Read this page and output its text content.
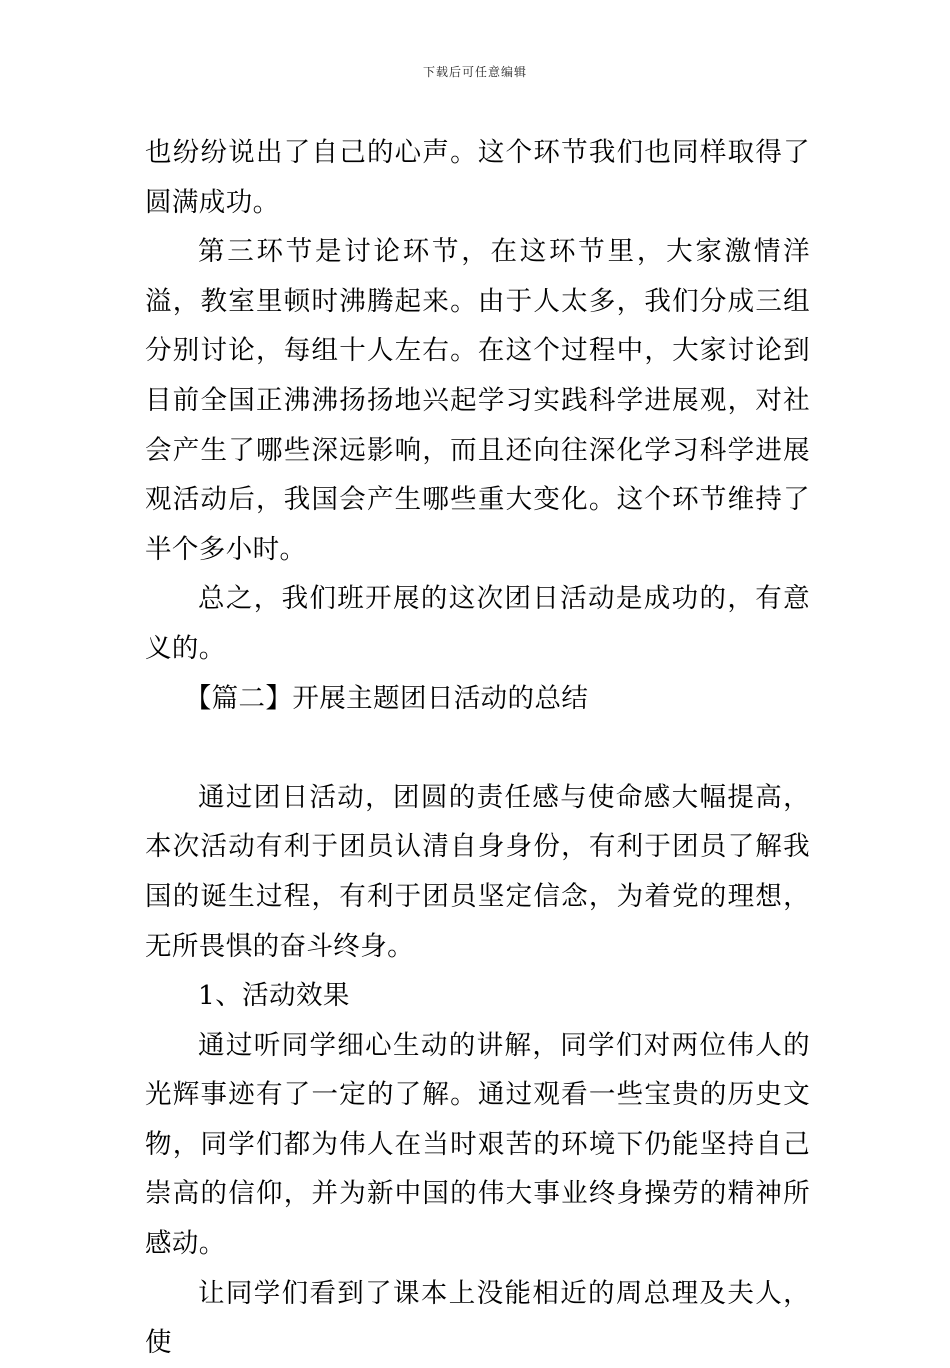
下载后可任意编辑

也纷纷说出了自己的心声。这个环节我们也同样取得了圆满成功。

第三环节是讨论环节，在这环节里，大家激情洋溢，教室里顿时沸腾起来。由于人太多，我们分成三组分别讨论，每组十人左右。在这个过程中，大家讨论到目前全国正沸沸扬扬地兴起学习实践科学进展观，对社会产生了哪些深远影响，而且还向往深化学习科学进展观活动后，我国会产生哪些重大变化。这个环节维持了半个多小时。

总之，我们班开展的这次团日活动是成功的，有意义的。

【篇二】开展主题团日活动的总结

通过团日活动，团圆的责任感与使命感大幅提高，本次活动有利于团员认清自身身份，有利于团员了解我国的诞生过程，有利于团员坚定信念，为着党的理想，无所畏惧的奋斗终身。

1、活动效果

通过听同学细心生动的讲解，同学们对两位伟人的光辉事迹有了一定的了解。通过观看一些宝贵的历史文物，同学们都为伟人在当时艰苦的环境下仍能坚持自己崇高的信仰，并为新中国的伟大事业终身操劳的精神所感动。

让同学们看到了课本上没能相近的周总理及夫人，使
